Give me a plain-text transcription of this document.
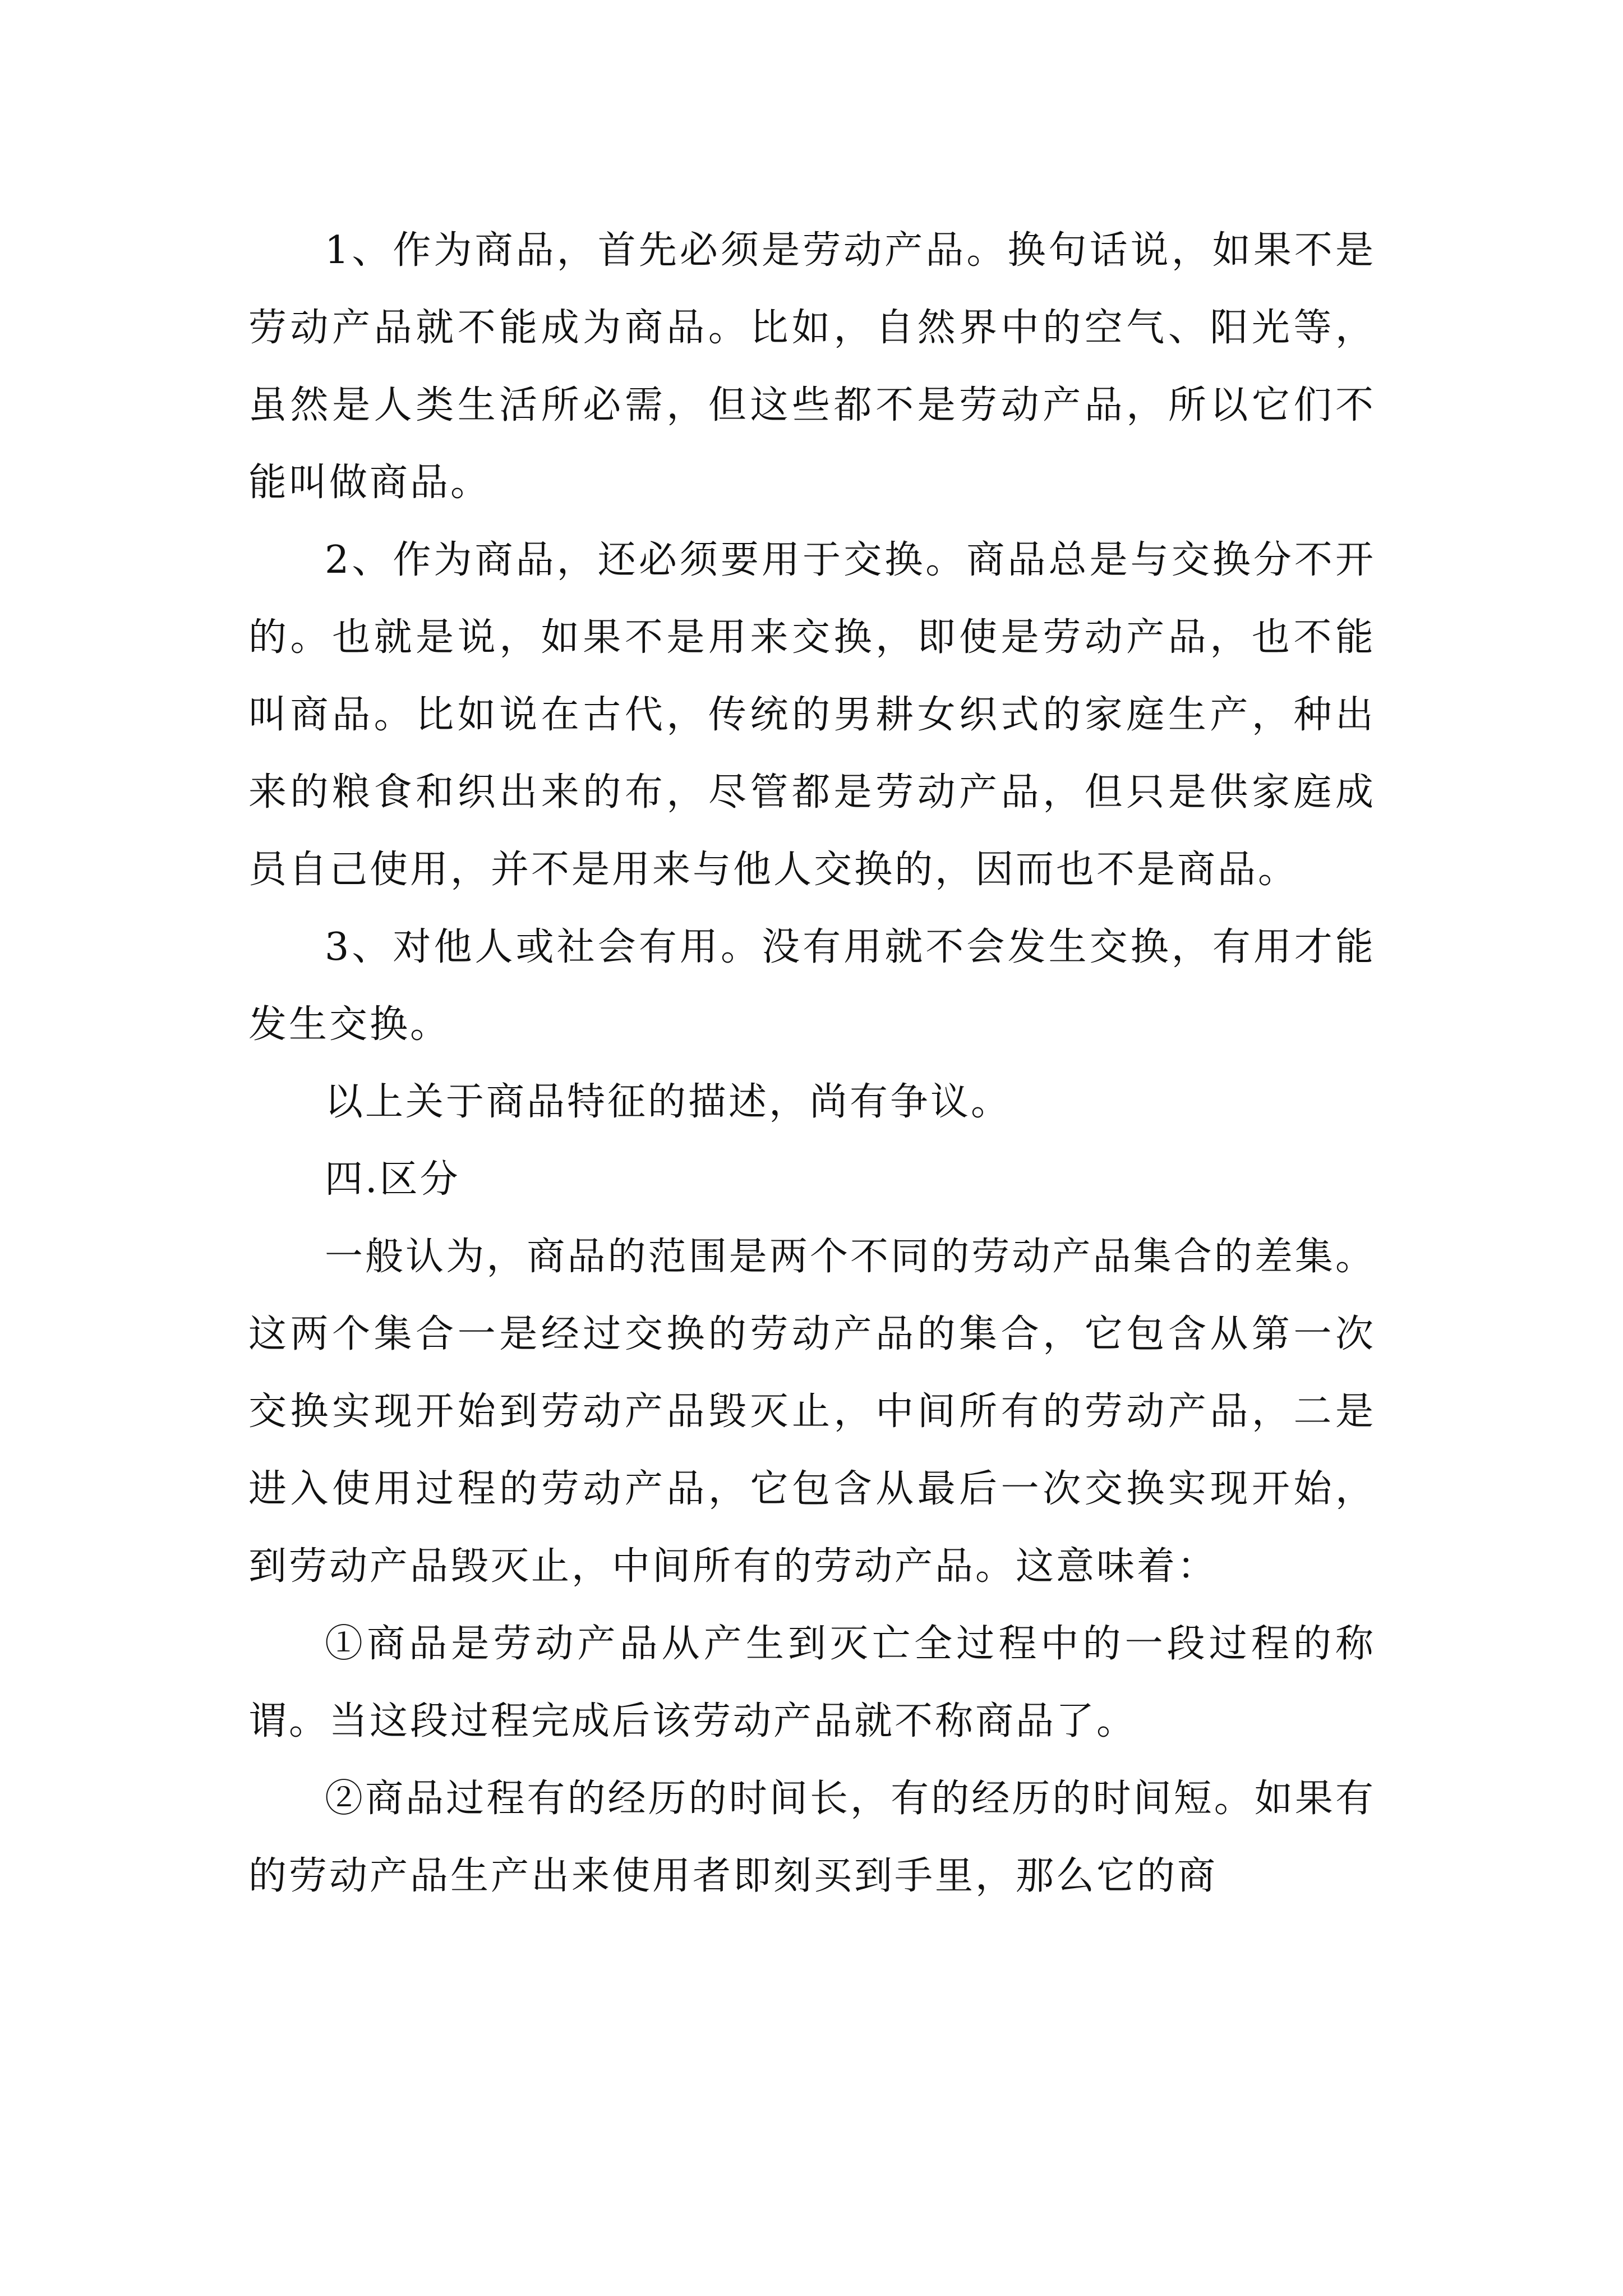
1、作为商品，首先必须是劳动产品。换句话说，如果不是劳动产品就不能成为商品。比如，自然界中的空气、阳光等，虽然是人类生活所必需，但这些都不是劳动产品，所以它们不能叫做商品。

2、作为商品，还必须要用于交换。商品总是与交换分不开的。也就是说，如果不是用来交换，即使是劳动产品，也不能叫商品。比如说在古代，传统的男耕女织式的家庭生产，种出来的粮食和织出来的布，尽管都是劳动产品，但只是供家庭成员自己使用，并不是用来与他人交换的，因而也不是商品。

3、对他人或社会有用。没有用就不会发生交换，有用才能发生交换。

以上关于商品特征的描述，尚有争议。

四.区分

一般认为，商品的范围是两个不同的劳动产品集合的差集。这两个集合一是经过交换的劳动产品的集合，它包含从第一次交换实现开始到劳动产品毁灭止，中间所有的劳动产品，二是进入使用过程的劳动产品，它包含从最后一次交换实现开始，到劳动产品毁灭止，中间所有的劳动产品。这意味着：

①商品是劳动产品从产生到灭亡全过程中的一段过程的称谓。当这段过程完成后该劳动产品就不称商品了。

②商品过程有的经历的时间长，有的经历的时间短。如果有的劳动产品生产出来使用者即刻买到手里，那么它的商
